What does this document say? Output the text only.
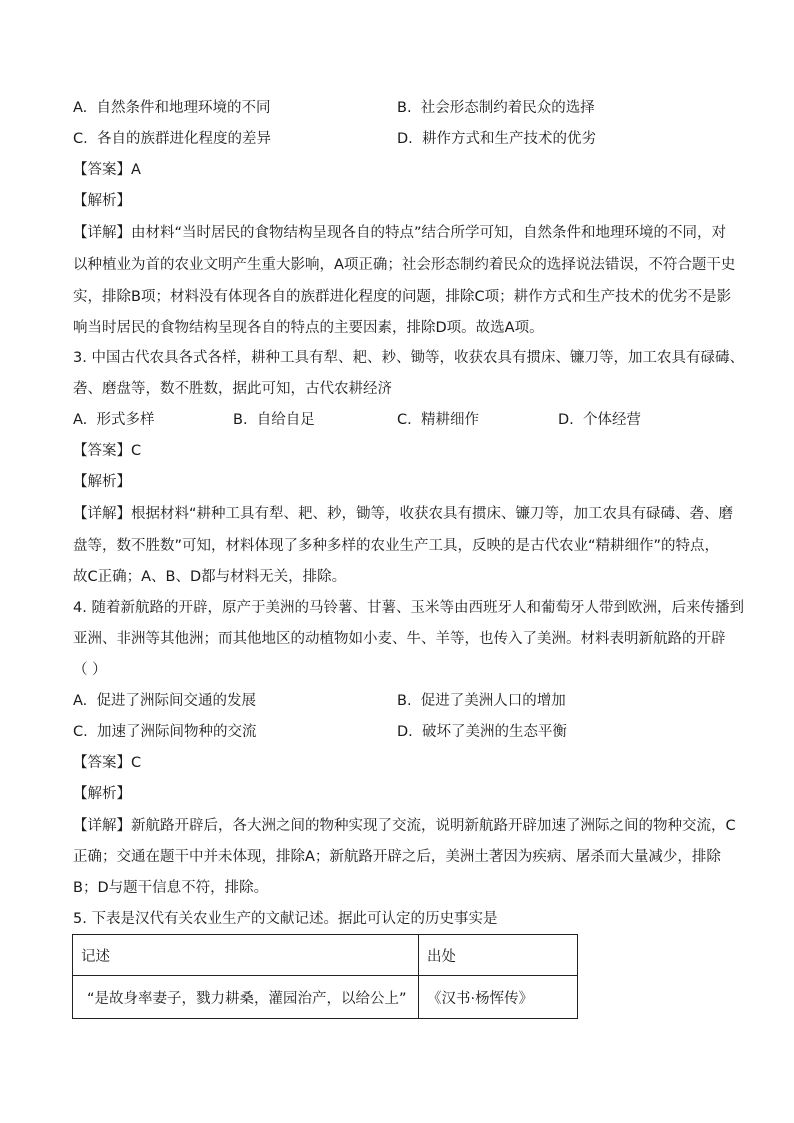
A. 自然条件和地理环境的不同	B. 社会形态制约着民众的选择
C. 各自的族群进化程度的差异	D. 耕作方式和生产技术的优劣
【答案】A
【解析】
【详解】由材料“当时居民的食物结构呈现各自的特点”结合所学可知，自然条件和地理环境的不同，对
以种植业为首的农业文明产生重大影响，A项正确；社会形态制约着民众的选择说法错误，不符合题干史
实，排除B项；材料没有体现各自的族群进化程度的问题，排除C项；耕作方式和生产技术的优劣不是影
响当时居民的食物结构呈现各自的特点的主要因素，排除D项。故选A项。
3. 中国古代农具各式各样，耕种工具有犁、耙、耖、锄等，收获农具有掼床、镰刀等，加工农具有碌碡、
砻、磨盘等，数不胜数，据此可知，古代农耕经济
A. 形式多样	B. 自给自足	C. 精耕细作	D. 个体经营
【答案】C
【解析】
【详解】根据材料“耕种工具有犁、耙、耖，锄等，收获农具有掼床、镰刀等，加工农具有碌碡、砻、磨
盘等，数不胜数”可知，材料体现了多种多样的农业生产工具，反映的是古代农业“精耕细作”的特点，
故C正确；A、B、D都与材料无关，排除。
4. 随着新航路的开辟，原产于美洲的马铃薯、甘薯、玉米等由西班牙人和葡萄牙人带到欧洲，后来传播到
亚洲、非洲等其他洲；而其他地区的动植物如小麦、牛、羊等，也传入了美洲。材料表明新航路的开辟
（ ）
A. 促进了洲际间交通的发展	B. 促进了美洲人口的增加
C. 加速了洲际间物种的交流	D. 破坏了美洲的生态平衡
【答案】C
【解析】
【详解】新航路开辟后，各大洲之间的物种实现了交流，说明新航路开辟加速了洲际之间的物种交流，C
正确；交通在题干中并未体现，排除A；新航路开辟之后，美洲土著因为疾病、屠杀而大量减少，排除
B；D与题干信息不符，排除。
5. 下表是汉代有关农业生产的文献记述。据此可认定的历史事实是
记述	出处
“是故身率妻子，戮力耕桑，灌园治产，以给公上”	《汉书·杨恽传》
